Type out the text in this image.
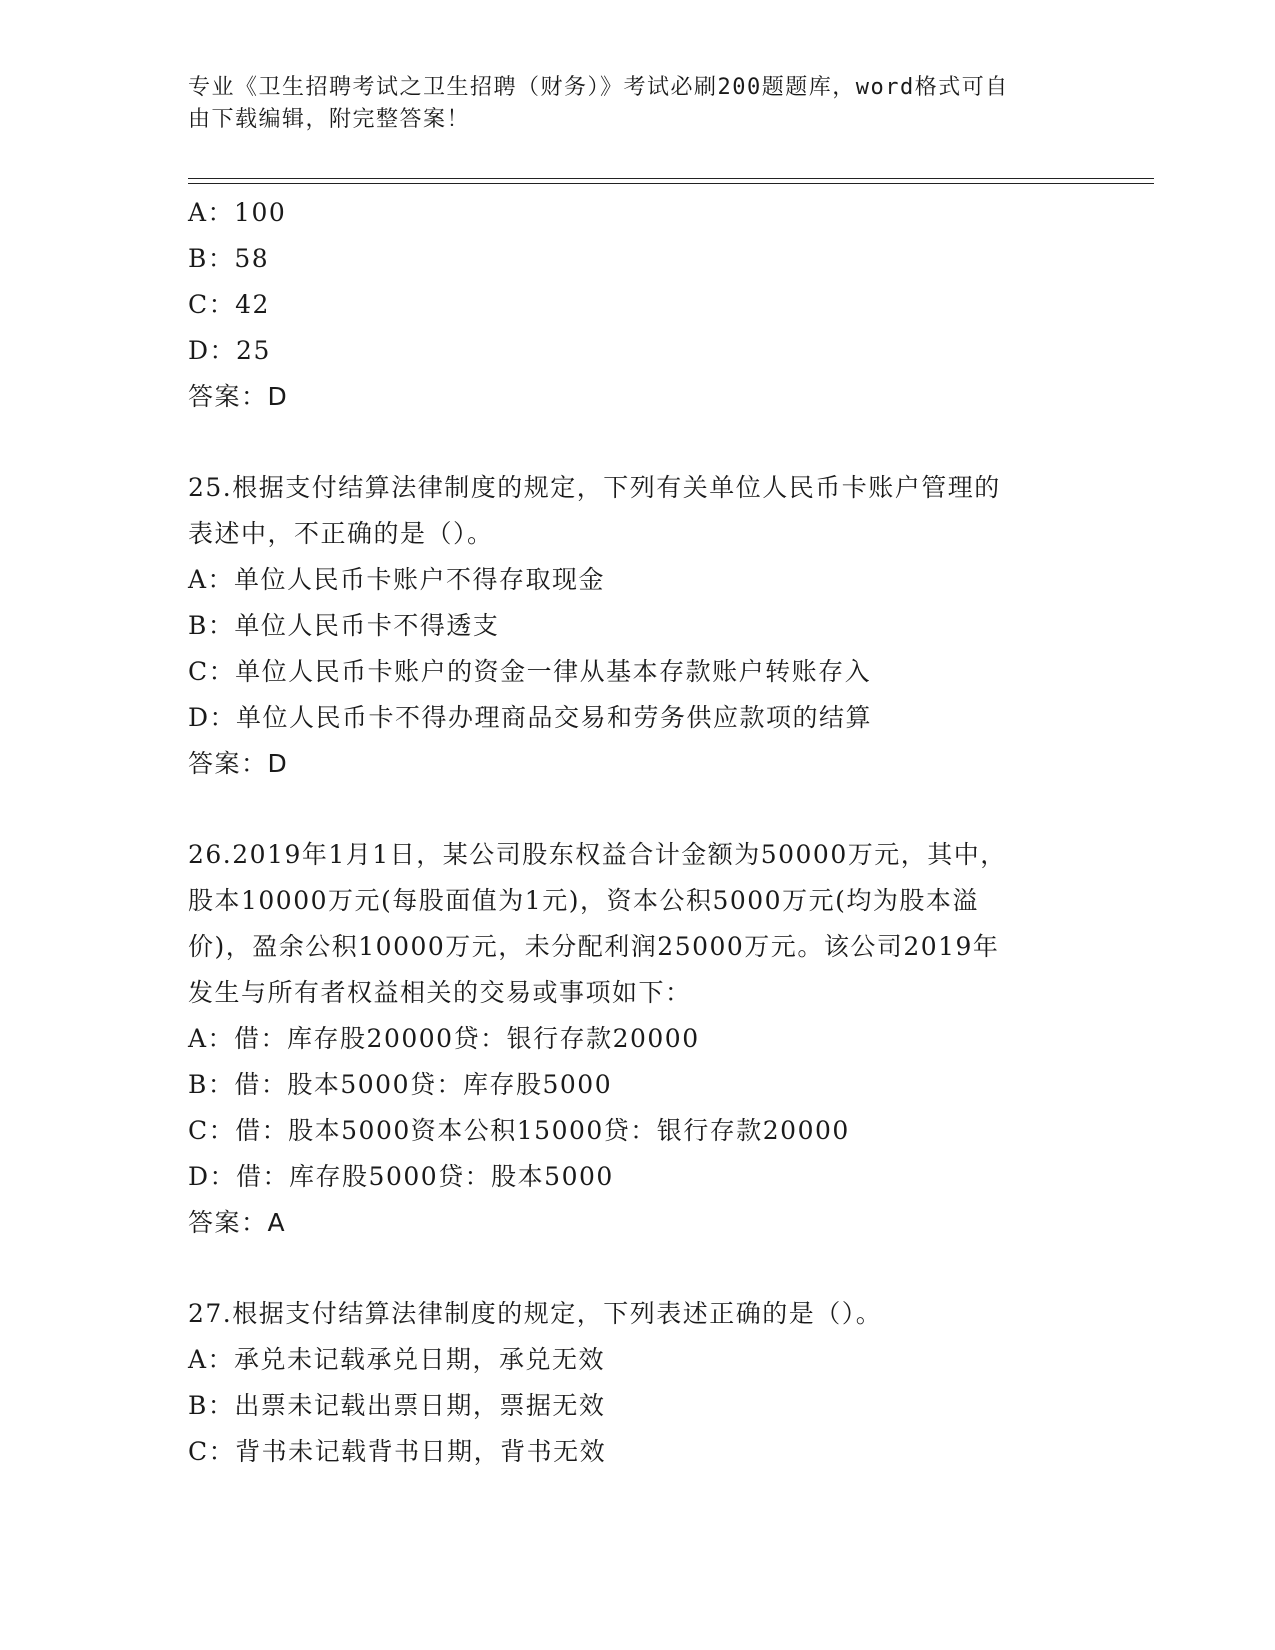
专业《卫生招聘考试之卫生招聘（财务）》考试必刷200题题库，word格式可自
由下载编辑，附完整答案！
A：100
B：58
C：42
D：25
答案：D
25.根据支付结算法律制度的规定，下列有关单位人民币卡账户管理的
表述中，不正确的是（）。
A：单位人民币卡账户不得存取现金
B：单位人民币卡不得透支
C：单位人民币卡账户的资金一律从基本存款账户转账存入
D：单位人民币卡不得办理商品交易和劳务供应款项的结算
答案：D
26.2019年1月1日，某公司股东权益合计金额为50000万元，其中，
股本10000万元(每股面值为1元)，资本公积5000万元(均为股本溢
价)，盈余公积10000万元，未分配利润25000万元。该公司2019年
发生与所有者权益相关的交易或事项如下：
A：借：库存股20000贷：银行存款20000
B：借：股本5000贷：库存股5000
C：借：股本5000资本公积15000贷：银行存款20000
D：借：库存股5000贷：股本5000
答案：A
27.根据支付结算法律制度的规定，下列表述正确的是（）。
A：承兑未记载承兑日期，承兑无效
B：出票未记载出票日期，票据无效
C：背书未记载背书日期，背书无效
